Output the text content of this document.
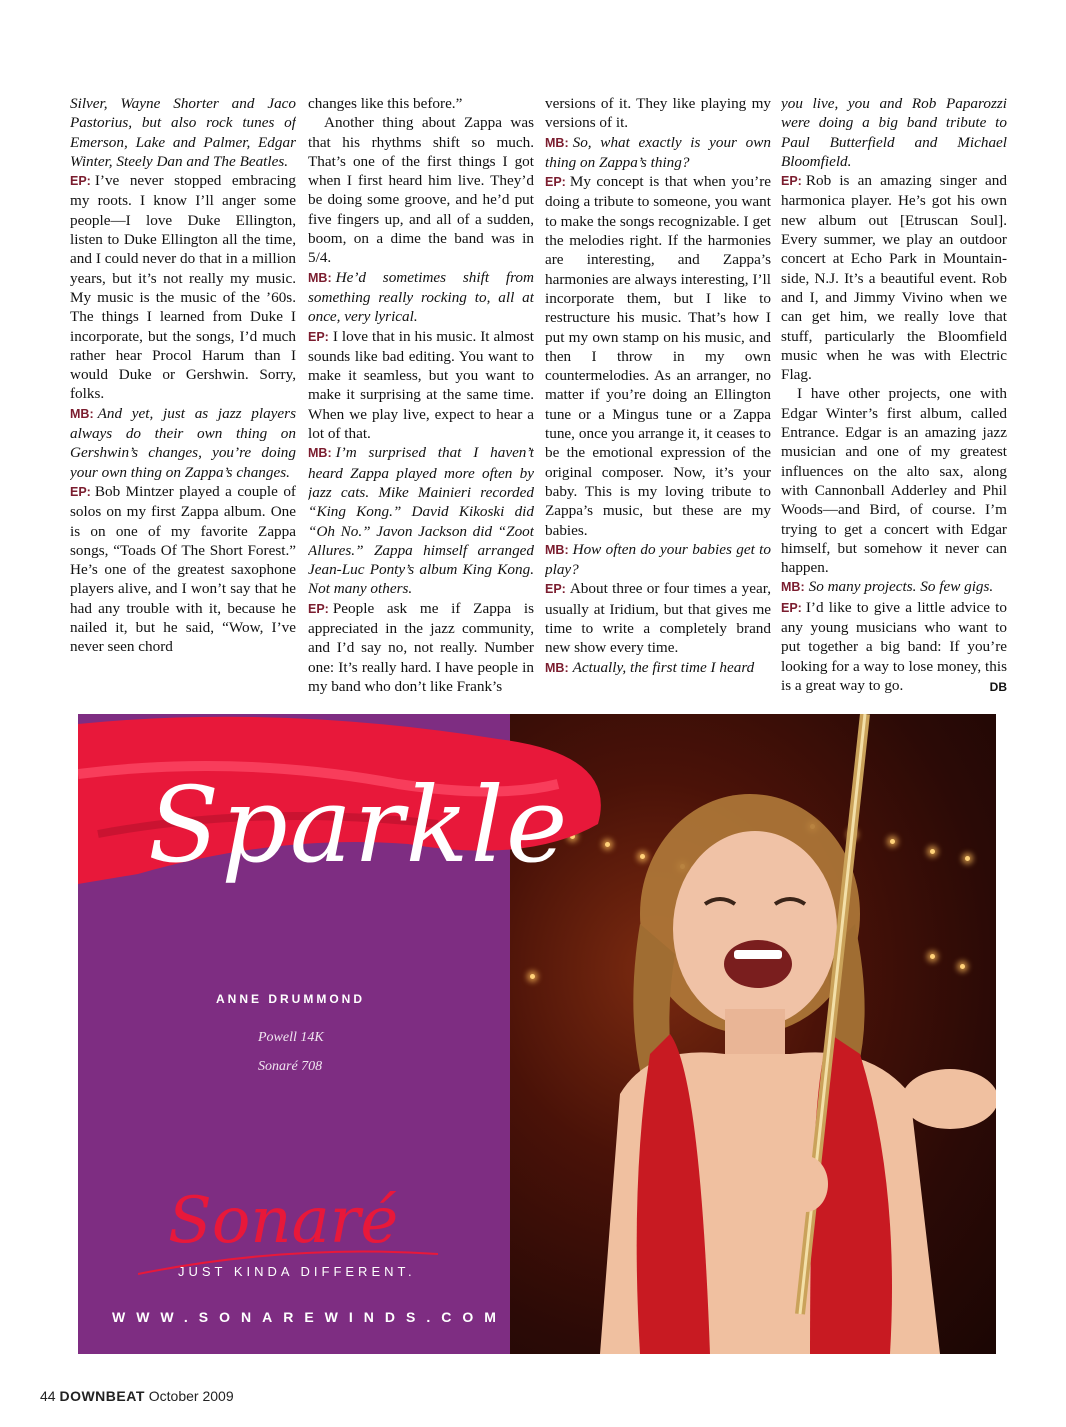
Silver, Wayne Shorter and Jaco Pastorius, but also rock tunes of Emerson, Lake and Palmer, Edgar Winter, Steely Dan and The Beatles.

EP: I’ve never stopped embracing my roots. I know I’ll anger some people—I love Duke Ellington, listen to Duke Ellington all the time, and I could never do that in a million years, but it’s not really my music. My music is the music of the ’60s. The things I learned from Duke I incorporate, but the songs, I’d much rather hear Procol Harum than I would Duke or Gershwin. Sorry, folks.

MB: And yet, just as jazz players always do their own thing on Gershwin’s changes, you’re doing your own thing on Zappa’s changes.

EP: Bob Mintzer played a couple of solos on my first Zappa album. One is on one of my favorite Zappa songs, “Toads Of The Short Forest.” He’s one of the greatest saxophone players alive, and I won’t say that he had any trouble with it, because he nailed it, but he said, “Wow, I’ve never seen chord

changes like this before.”

Another thing about Zappa was that his rhythms shift so much. That’s one of the first things I got when I first heard him live. They’d be doing some groove, and he’d put five fingers up, and all of a sudden, boom, on a dime the band was in 5/4.

MB: He’d sometimes shift from something really rocking to, all at once, very lyrical.

EP: I love that in his music. It almost sounds like bad editing. You want to make it seamless, but you want to make it surprising at the same time. When we play live, expect to hear a lot of that.

MB: I’m surprised that I haven’t heard Zappa played more often by jazz cats. Mike Mainieri recorded “King Kong.” David Kikoski did “Oh No.” Javon Jackson did “Zoot Allures.” Zappa himself arranged Jean-Luc Ponty’s album King Kong. Not many others.

EP: People ask me if Zappa is appreciated in the jazz community, and I’d say no, not really. Number one: It’s really hard. I have people in my band who don’t like Frank’s

versions of it. They like playing my versions of it.

MB: So, what exactly is your own thing on Zappa’s thing?

EP: My concept is that when you’re doing a tribute to someone, you want to make the songs recognizable. I get the melodies right. If the harmonies are interesting, and Zappa’s harmonies are always interesting, I’ll incorporate them, but I like to restructure his music. That’s how I put my own stamp on his music, and then I throw in my own countermelodies. As an arranger, no matter if you’re doing an Ellington tune or a Mingus tune or a Zappa tune, once you arrange it, it ceases to be the emotional expression of the original composer. Now, it’s your baby. This is my loving tribute to Zappa’s music, but these are my babies.

MB: How often do your babies get to play?

EP: About three or four times a year, usually at Iridium, but that gives me time to write a completely brand new show every time.

MB: Actually, the first time I heard

you live, you and Rob Paparozzi were doing a big band tribute to Paul Butterfield and Michael Bloomfield.

EP: Rob is an amazing singer and harmonica player. He’s got his own new album out [Etruscan Soul]. Every summer, we play an outdoor concert at Echo Park in Mountain-side, N.J. It’s a beautiful event. Rob and I, and Jimmy Vivino when we can get him, we really love that stuff, particularly the Bloomfield music when he was with Electric Flag.

I have other projects, one with Edgar Winter’s first album, called Entrance. Edgar is an amazing jazz musician and one of my greatest influences on the alto sax, along with Cannonball Adderley and Phil Woods—and Bird, of course. I’m trying to get a concert with Edgar himself, but somehow it never can happen.

MB: So many projects. So few gigs.

EP: I’d like to give a little advice to any young musicians who want to put together a big band: If you’re looking for a way to lose money, this is a great way to go.	DB

Sparkle
ANNE DRUMMOND
Powell 14K
Sonaré 708
Sonaré
JUST KINDA DIFFERENT.
WWW.SONAREWINDS.COM
44 DOWNBEAT October 2009
